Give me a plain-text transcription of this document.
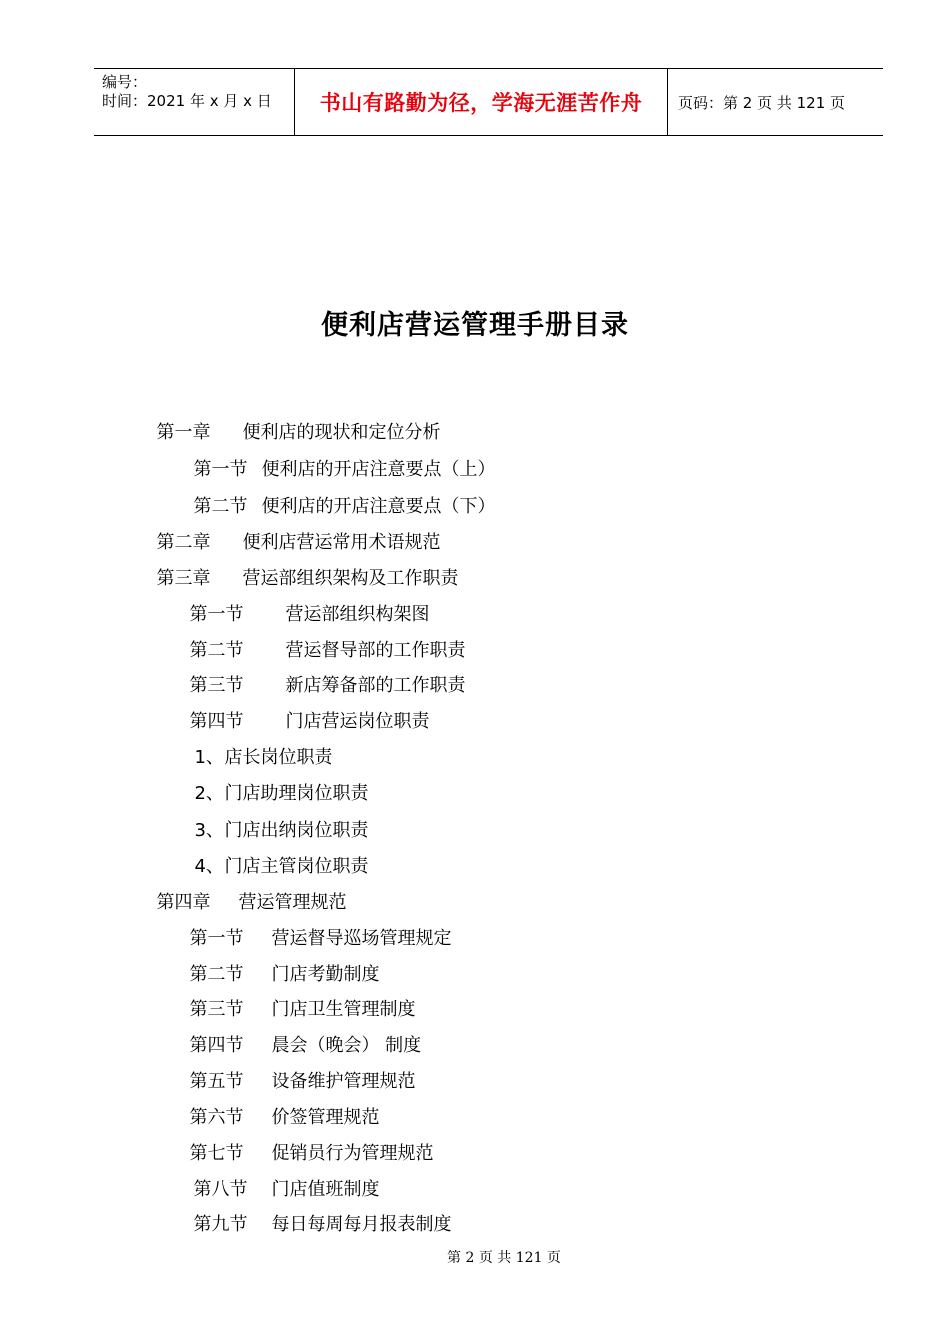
编号：
时间：2021 年 x 月 x 日	书山有路勤为径，学海无涯苦作舟	页码：第 2 页 共 121 页
便利店营运管理手册目录

第一章 便利店的现状和定位分析

第一节 便利店的开店注意要点（上）

第二节 便利店的开店注意要点（下）

第二章 便利店营运常用术语规范

第三章 营运部组织架构及工作职责

第一节 营运部组织构架图

第二节 营运督导部的工作职责

第三节 新店筹备部的工作职责

第四节 门店营运岗位职责

1、店长岗位职责

2、门店助理岗位职责

3、门店出纳岗位职责

4、门店主管岗位职责

第四章 营运管理规范

第一节 营运督导巡场管理规定

第二节 门店考勤制度

第三节 门店卫生管理制度

第四节 晨会（晚会） 制度

第五节 设备维护管理规范

第六节 价签管理规范

第七节 促销员行为管理规范

第八节 门店值班制度

第九节 每日每周每月报表制度

第 2 页 共 121 页
